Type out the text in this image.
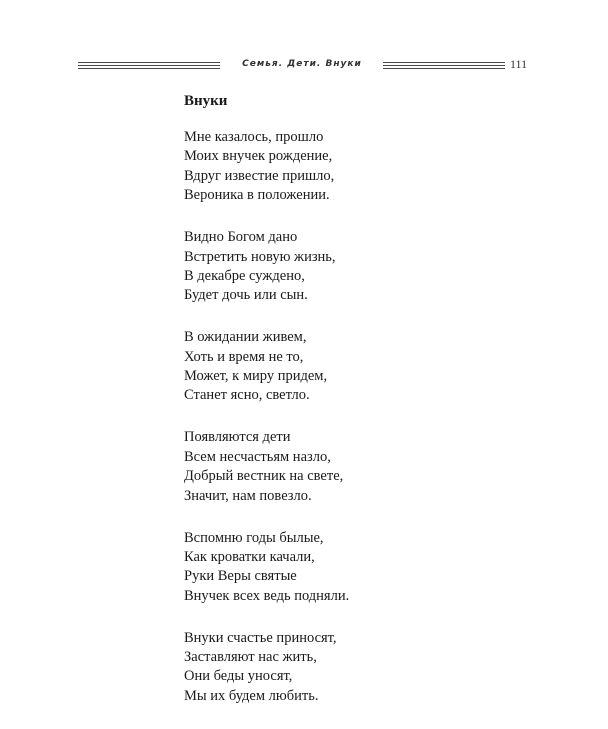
Семья. Дети. Внуки	111
Внуки
Мне казалось, прошло
Моих внучек рождение,
Вдруг известие пришло,
Вероника в положении.
Видно Богом дано
Встретить новую жизнь,
В декабре суждено,
Будет дочь или сын.
В ожидании живем,
Хоть и время не то,
Может, к миру придем,
Станет ясно, светло.
Появляются дети
Всем несчастьям назло,
Добрый вестник на свете,
Значит, нам повезло.
Вспомню годы былые,
Как кроватки качали,
Руки Веры святые
Внучек всех ведь подняли.
Внуки счастье приносят,
Заставляют нас жить,
Они беды уносят,
Мы их будем любить.
